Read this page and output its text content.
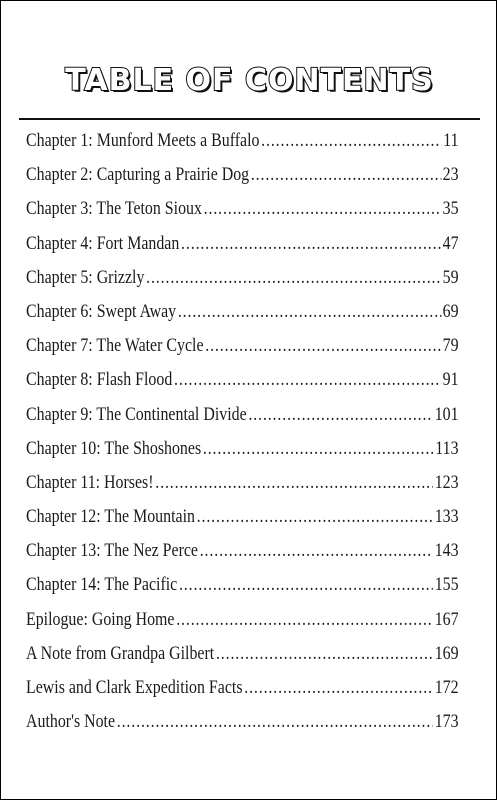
TABLE OF CONTENTS
Chapter 1: Munford Meets a Buffalo .....	11
Chapter 2: Capturing a Prairie Dog .....	23
Chapter 3: The Teton Sioux .....	35
Chapter 4: Fort Mandan .....	47
Chapter 5: Grizzly .....	59
Chapter 6: Swept Away .....	69
Chapter 7: The Water Cycle .....	79
Chapter 8: Flash Flood .....	91
Chapter 9: The Continental Divide .....	101
Chapter 10: The Shoshones .....	113
Chapter 11: Horses! .....	123
Chapter 12: The Mountain .....	133
Chapter 13: The Nez Perce .....	143
Chapter 14: The Pacific .....	155
Epilogue: Going Home .....	167
A Note from Grandpa Gilbert .....	169
Lewis and Clark Expedition Facts .....	172
Author's Note .....	173
